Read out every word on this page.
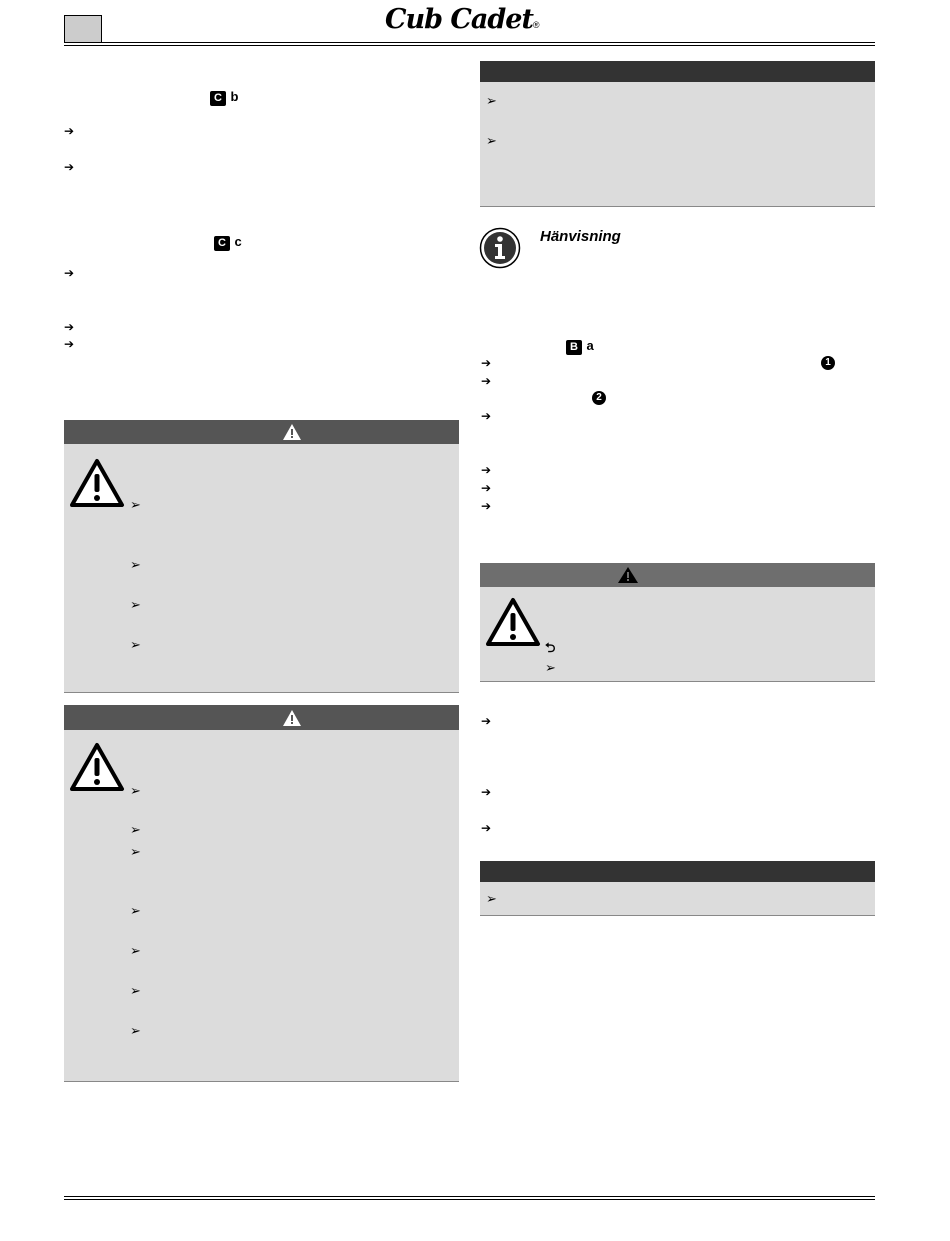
Cub Cadet®
C b
➔
➔
C c
➔
➔
➔
➢
➢
➢
➢
➢
➢
➢
➢
➢
➢
➢
➢
➢
Hänvisning
B a
➔	1
➔
2
➔
➔
➔
➔
⮌
➢
➔
➔
➔
➢
